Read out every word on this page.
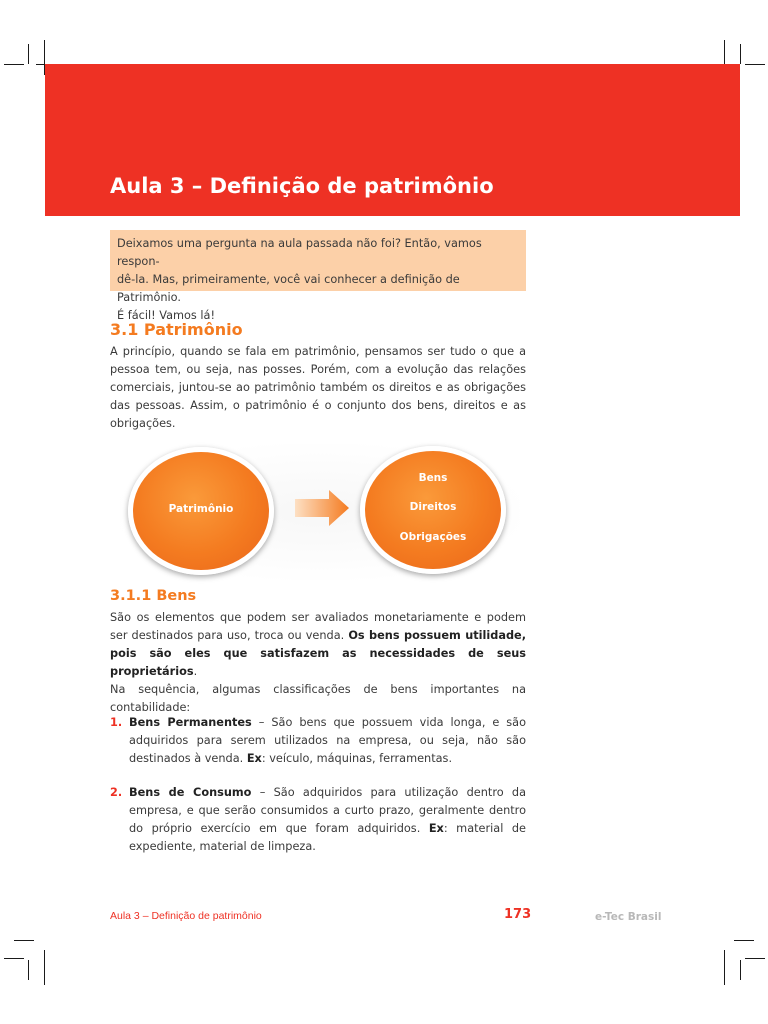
Aula 3 – Definição de patrimônio

Deixamos uma pergunta na aula passada não foi? Então, vamos respon-

dê-la. Mas, primeiramente, você vai conhecer a definição de Patrimônio.

É fácil! Vamos lá!

3.1 Patrimônio

A princípio, quando se fala em patrimônio, pensamos ser tudo o que a pessoa tem, ou seja, nas posses. Porém, com a evolução das relações comerciais, juntou-se ao patrimônio também os direitos e as obrigações das pessoas. Assim, o patrimônio é o conjunto dos bens, direitos e as obrigações.

Patrimônio
Bens
Direitos
Obrigações
3.1.1 Bens

São os elementos que podem ser avaliados monetariamente e podem ser destinados para uso, troca ou venda. Os bens possuem utilidade, pois são eles que satisfazem as necessidades de seus proprietários.

Na sequência, algumas classificações de bens importantes na contabilidade:

1. Bens Permanentes – São bens que possuem vida longa, e são adquiridos para serem utilizados na empresa, ou seja, não são destinados à venda. Ex: veículo, máquinas, ferramentas.
2. Bens de Consumo – São adquiridos para utilização dentro da empresa, e que serão consumidos a curto prazo, geralmente dentro do próprio exercício em que foram adquiridos. Ex: material de expediente, material de limpeza.
Aula 3 – Definição de patrimônio	173	e-Tec Brasil
